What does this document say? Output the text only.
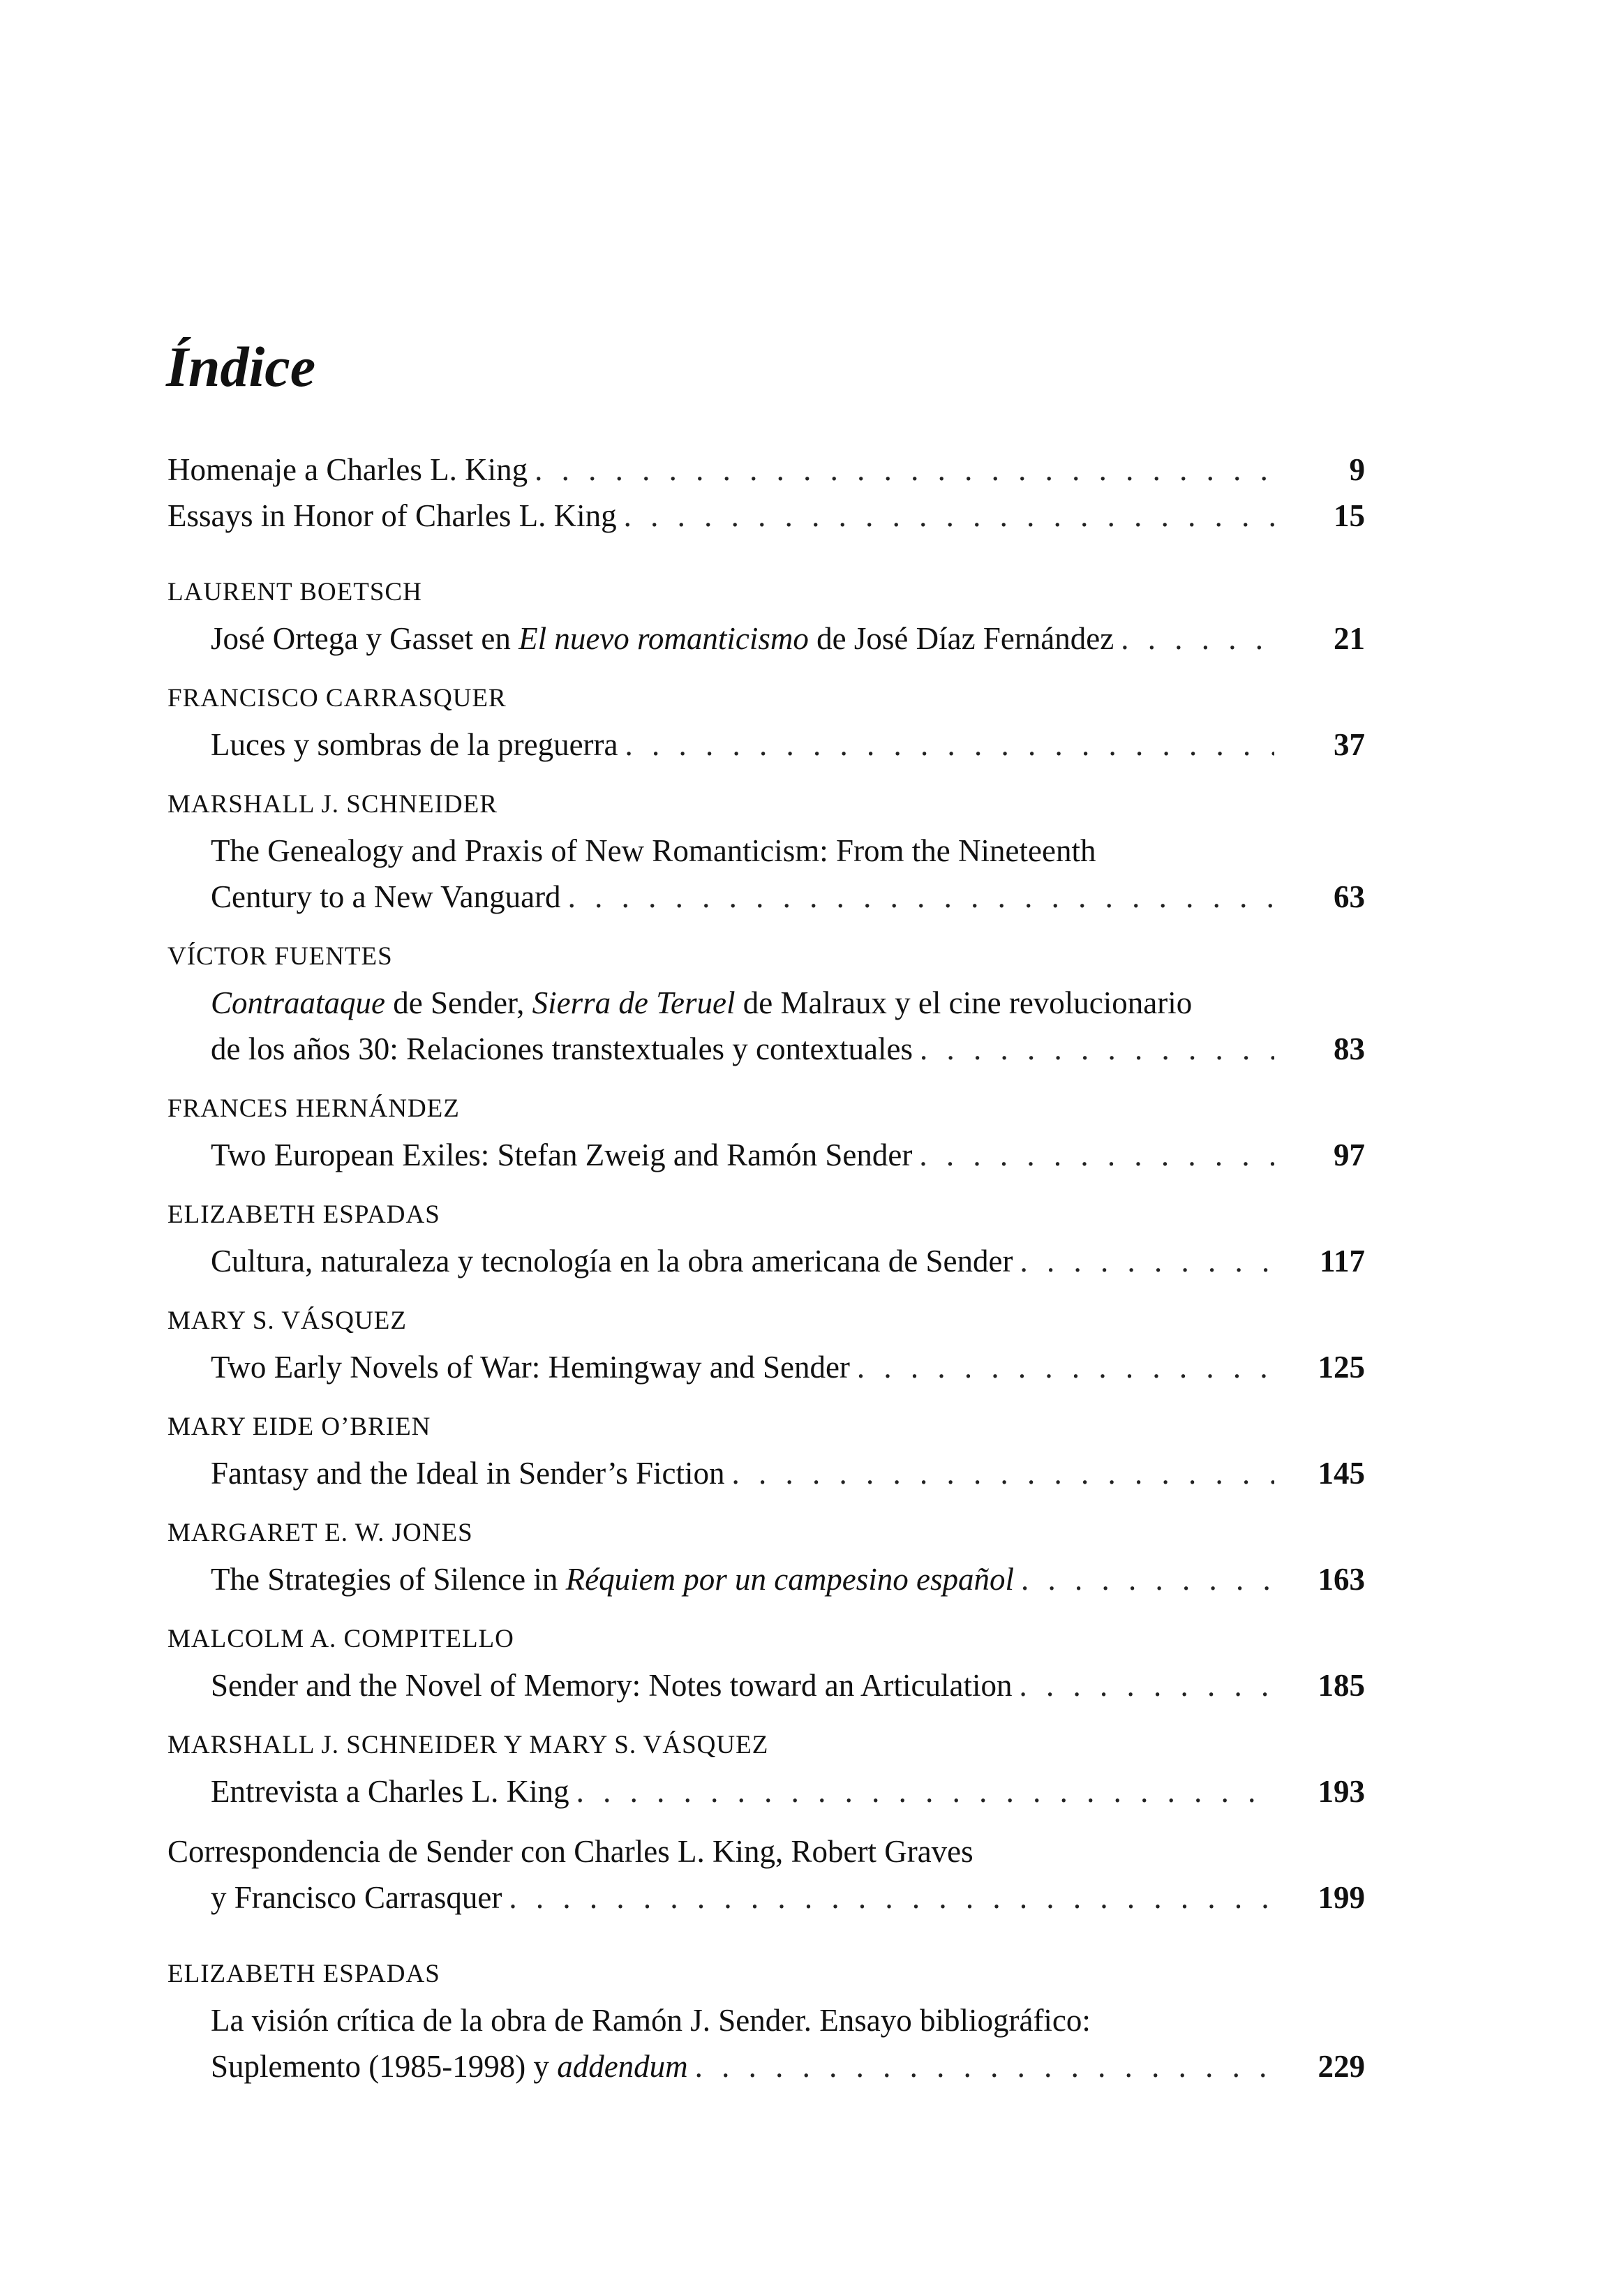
Índice
Homenaje a Charles L. King . . .	9
Essays in Honor of Charles L. King . . .	15
LAURENT BOETSCH
José Ortega y Gasset en El nuevo romanticismo de José Díaz Fernández . . .	21
FRANCISCO CARRASQUER
Luces y sombras de la preguerra . . .	37
MARSHALL J. SCHNEIDER
The Genealogy and Praxis of New Romanticism: From the Nineteenth
Century to a New Vanguard . . .	63
VÍCTOR FUENTES
Contraataque de Sender, Sierra de Teruel de Malraux y el cine revolucionario
de los años 30: Relaciones transtextuales y contextuales . . .	83
FRANCES HERNÁNDEZ
Two European Exiles: Stefan Zweig and Ramón Sender . . .	97
ELIZABETH ESPADAS
Cultura, naturaleza y tecnología en la obra americana de Sender . . .	117
MARY S. VÁSQUEZ
Two Early Novels of War: Hemingway and Sender . . .	125
MARY EIDE O’BRIEN
Fantasy and the Ideal in Sender’s Fiction . . .	145
MARGARET E. W. JONES
The Strategies of Silence in Réquiem por un campesino español . . .	163
MALCOLM A. COMPITELLO
Sender and the Novel of Memory: Notes toward an Articulation . . .	185
MARSHALL J. SCHNEIDER Y MARY S. VÁSQUEZ
Entrevista a Charles L. King . . .	193
Correspondencia de Sender con Charles L. King, Robert Graves
y Francisco Carrasquer . . .	199
ELIZABETH ESPADAS
La visión crítica de la obra de Ramón J. Sender. Ensayo bibliográfico:
Suplemento (1985-1998) y addendum . . .	229
